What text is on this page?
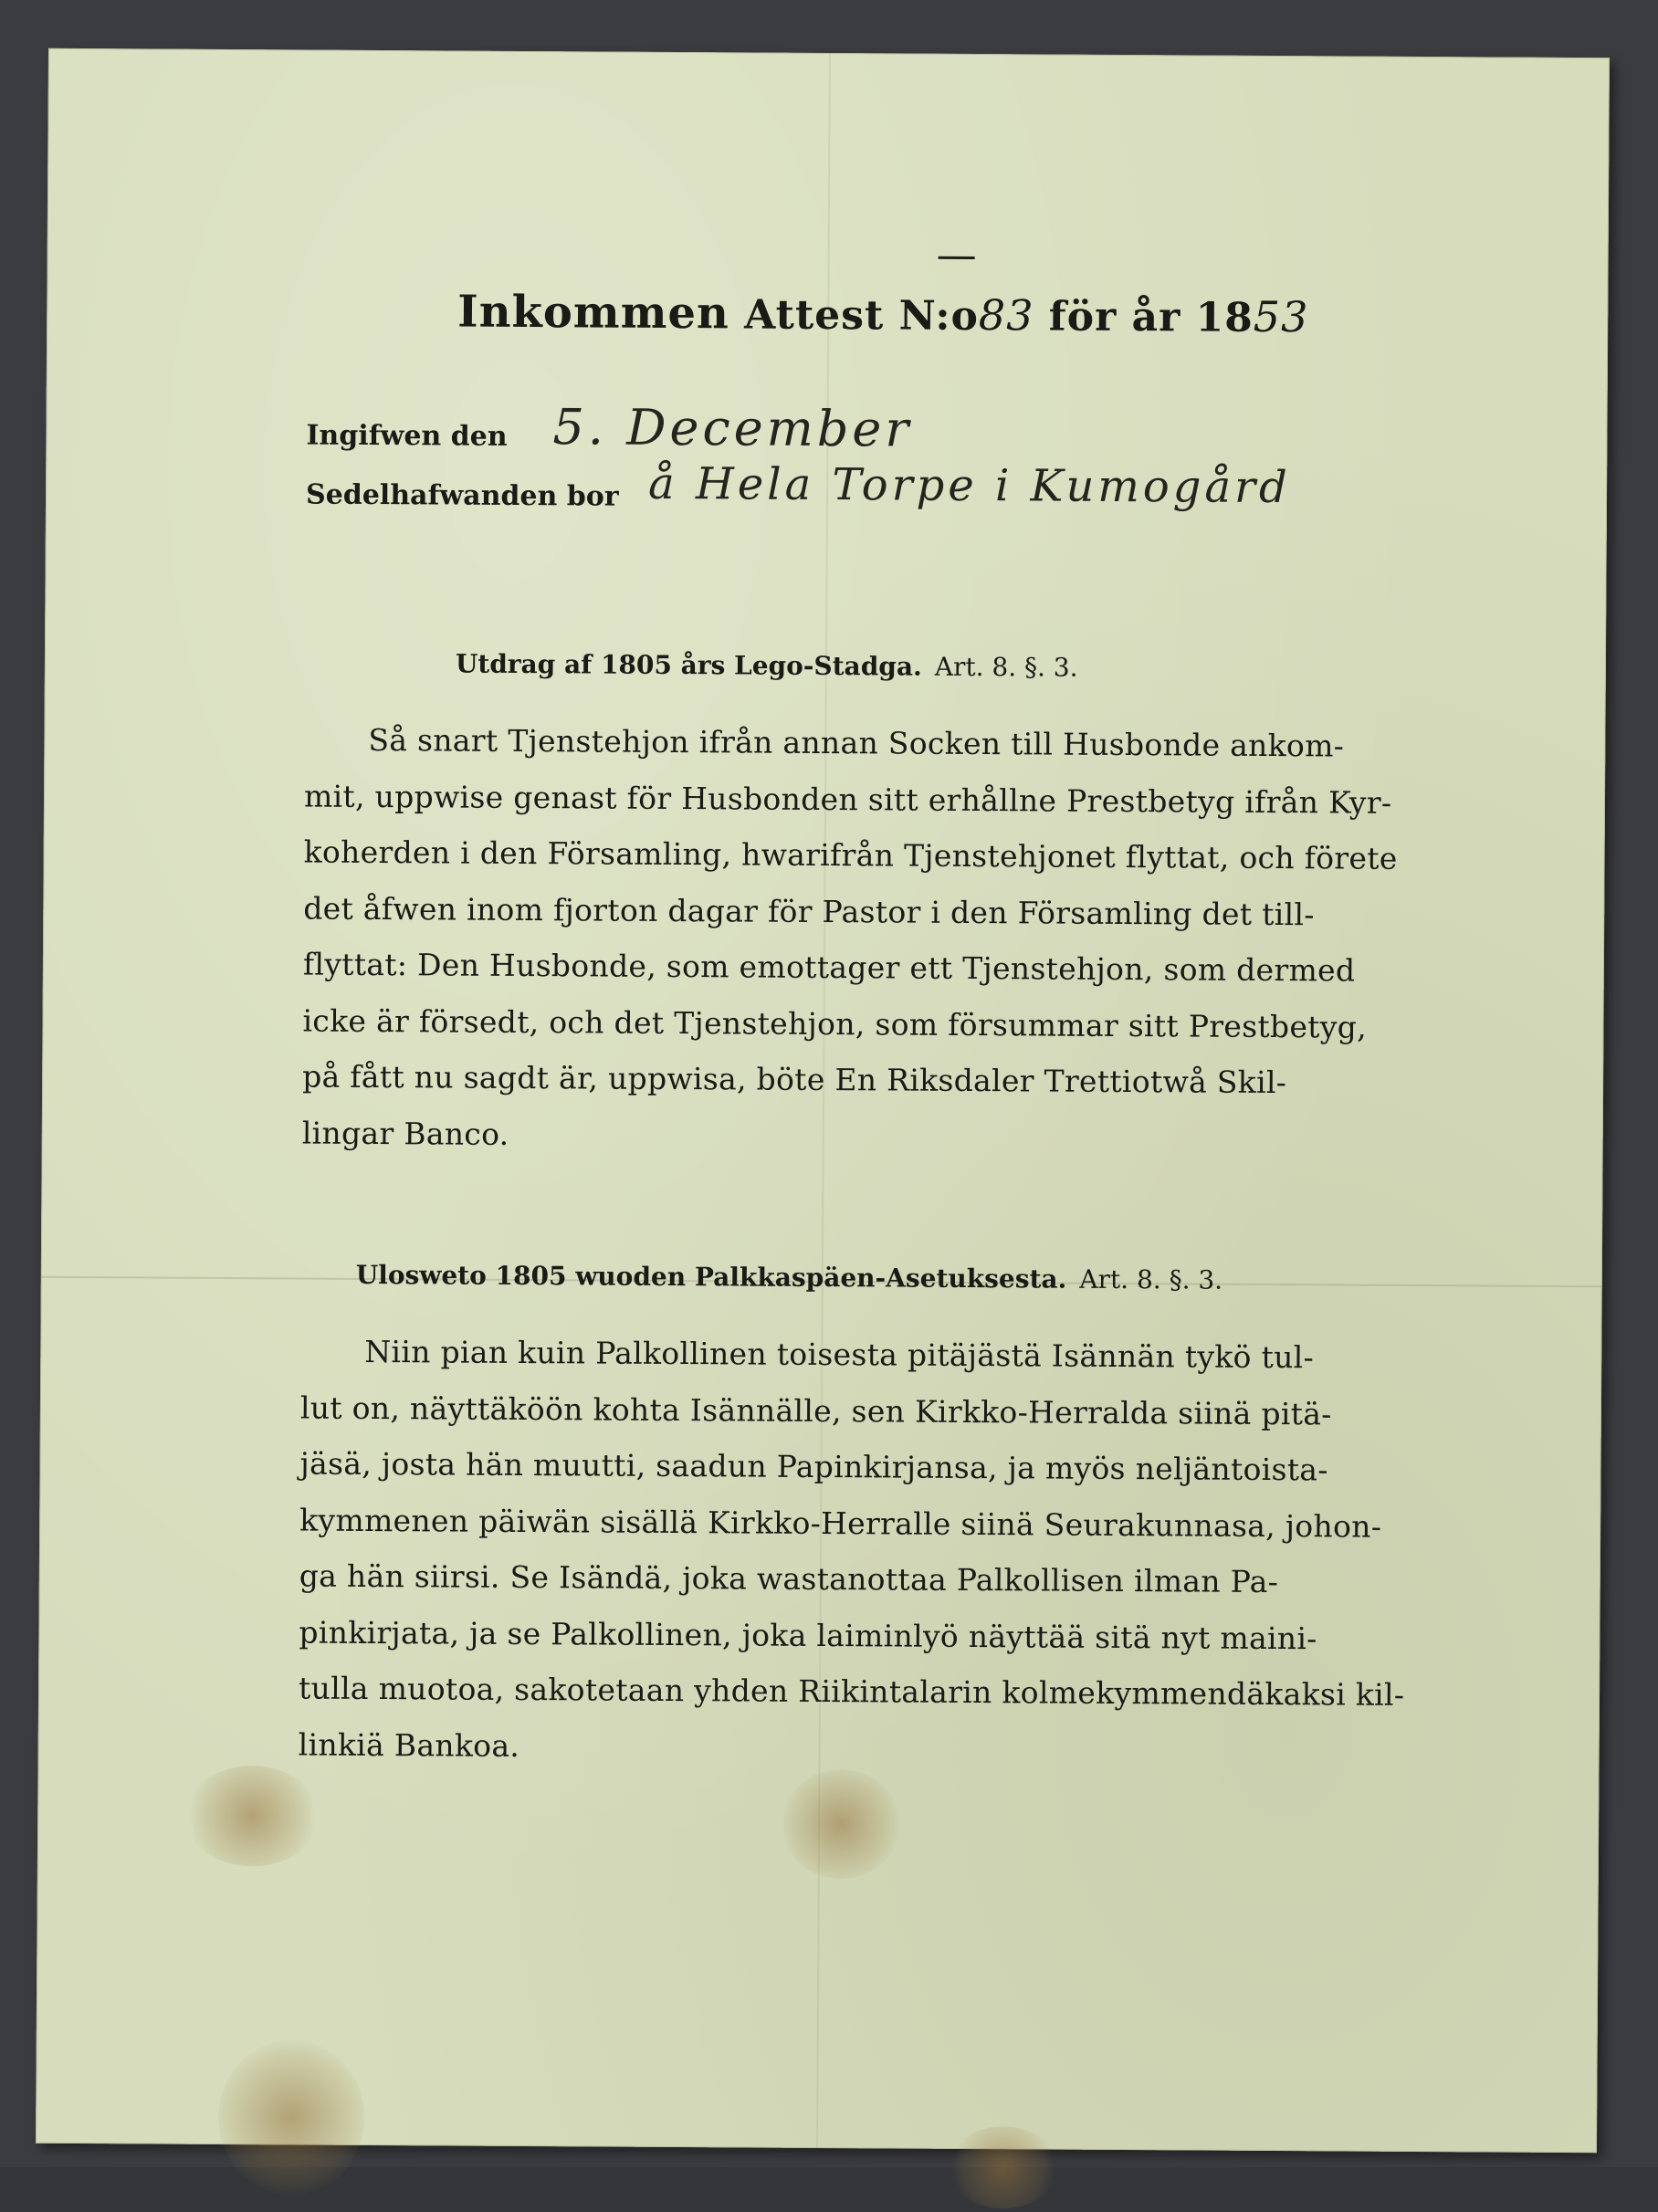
Inkommen Attest N:o83 för år 1853
Ingifwen den 5. December
Sedelhafwanden bor å Hela Torpe i Kumogård
Utdrag af 1805 års Lego-Stadga. Art. 8. §. 3.
Så snart Tjenstehjon ifrån annan Socken till Husbonde ankom-
mit, uppwise genast för Husbonden sitt erhållne Prestbetyg ifrån Kyr-
koherden i den Församling, hwarifrån Tjenstehjonet flyttat, och förete
det åfwen inom fjorton dagar för Pastor i den Församling det till-
flyttat: Den Husbonde, som emottager ett Tjenstehjon, som dermed
icke är försedt, och det Tjenstehjon, som försummar sitt Prestbetyg,
på fått nu sagdt är, uppwisa, böte En Riksdaler Trettiotwå Skil-
lingar Banco.
Ulosweto 1805 wuoden Palkkaspäen-Asetuksesta. Art. 8. §. 3.
Niin pian kuin Palkollinen toisesta pitäjästä Isännän tykö tul-
lut on, näyttäköön kohta Isännälle, sen Kirkko-Herralda siinä pitä-
jäsä, josta hän muutti, saadun Papinkirjansa, ja myös neljäntoista-
kymmenen päiwän sisällä Kirkko-Herralle siinä Seurakunnasa, johon-
ga hän siirsi. Se Isändä, joka wastanottaa Palkollisen ilman Pa-
pinkirjata, ja se Palkollinen, joka laiminlyö näyttää sitä nyt maini-
tulla muotoa, sakotetaan yhden Riikintalarin kolmekymmendäkaksi kil-
linkiä Bankoa.
